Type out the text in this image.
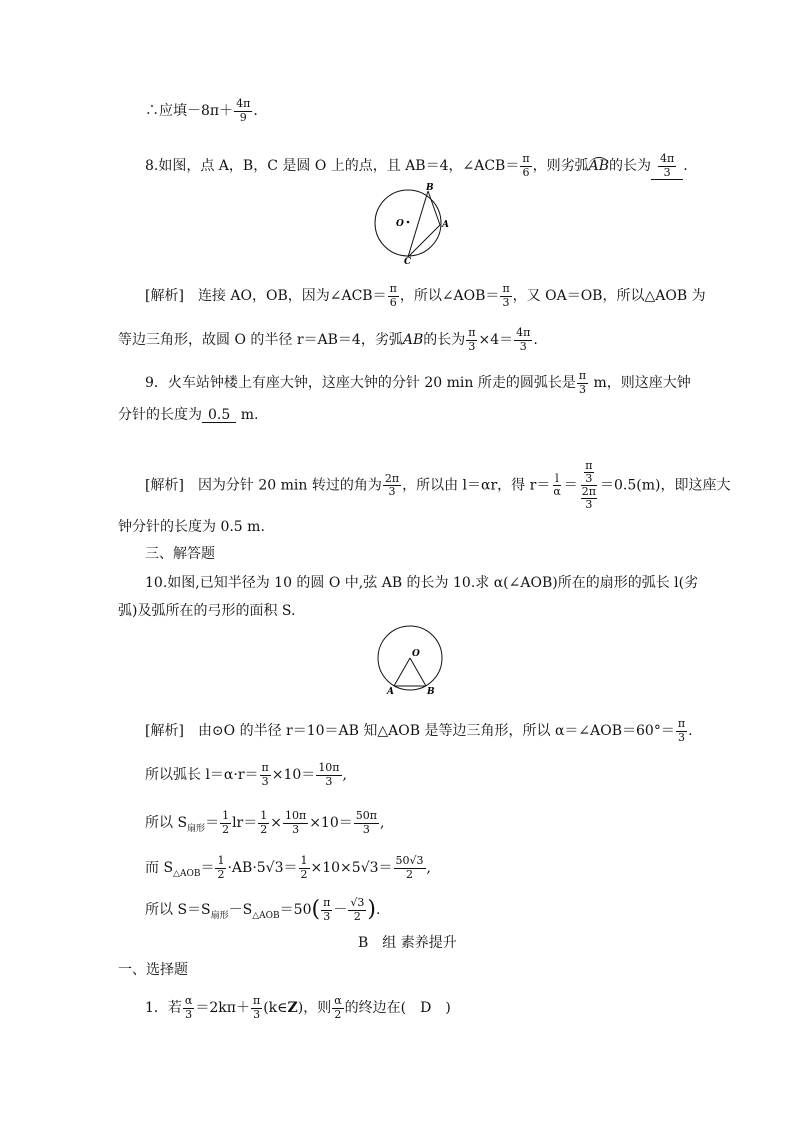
∴应填$-8\pi+ \frac{4\pi}{9}$ .
8.如图，点 A，B，C 是圆 O 上的点，且 AB＝4，∠ACB＝ $\frac{\pi}{6}$ ，则劣弧AB的长为 $\frac{4\pi}{3}$ .
O
B
A
C
[解析]　 连接 AO，OB，因为∠ACB＝ $\frac{\pi}{6}$ ，所以∠AOB＝ $\frac{\pi}{3}$ ，又 OA＝OB，所以△AOB 为
等边三角形，故圆 O 的半径 r＝AB＝4，劣弧AB的长为 $\frac{\pi}{3} \times 4= \frac{4\pi}{3}$ .
9．火车站钟楼上有座大钟，这座大钟的分针 20 min 所走的圆弧长是 $\frac{\pi}{3}$ m，则这座大钟
分针的长度为 0.5 m.
[解析]　 因为分针 20 min 转过的角为 $\frac{2\pi}{3}$ ，所以由 l＝αr，得 $r= \frac{l}{\alpha} = \pi$
3
2π
3 ＝0.5(m)，即这座大
钟分针的长度为 0.5 m.
三、解答题
10.如图,已知半径为 10 的圆 O 中,弦 AB 的长为 10.求 α(∠AOB)所在的扇形的弧长 l(劣
弧)及弧所在的弓形的面积 S.
O
A	B
[解析]　 由⊙O 的半径 r＝10＝AB 知△AOB 是等边三角形，所以 α＝∠AOB＝60°＝ $\frac{\pi}{3}$ .
所以弧长 $l=\alpha\cdot r= \frac{\pi}{3} \times 10= \frac{10\pi}{3}$ ,
所以 $S_{扇形}= \frac{1}{2} lr= \frac{1}{2} \times \frac{10\pi}{3} \times 10= \frac{50\pi}{3}$ ,
而 $S_{\triangle AOB}= \frac{1}{2} \cdot AB\cdot 5√3= \frac{1}{2} \times 10\times 5√3= \frac{50√3}{2}$ ,
所以 $S=S_{扇形}-S_{\triangle AOB}=50( \frac{\pi}{3} - \frac{√3}{2}$ ).
B　组 素养提升
一、选择题
1．若 $\frac{\alpha}{3} =2k\pi+ \frac{\pi}{3}$ (k∈Z)，则 $\frac{\alpha}{2}$ 的终边在(　D　)
